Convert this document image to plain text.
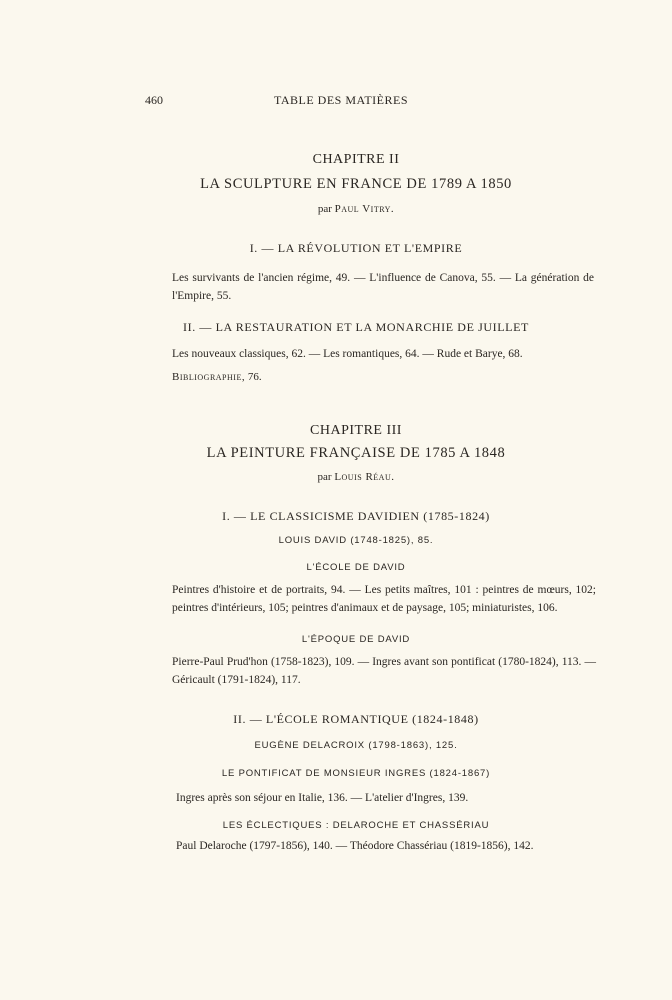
460	TABLE DES MATIÈRES
CHAPITRE II
LA SCULPTURE EN FRANCE DE 1789 A 1850
par Paul Vitry.
I. — LA RÉVOLUTION ET L'EMPIRE

Les survivants de l'ancien régime, 49. — L'influence de Canova, 55. — La génération de l'Empire, 55.

II. — LA RESTAURATION ET LA MONARCHIE DE JUILLET

Les nouveaux classiques, 62. — Les romantiques, 64. — Rude et Barye, 68.

Bibliographie, 76.
CHAPITRE III
LA PEINTURE FRANÇAISE DE 1785 A 1848
par Louis Réau.
I. — LE CLASSICISME DAVIDIEN (1785-1824)
LOUIS DAVID (1748-1825), 85.
L'ÉCOLE DE DAVID

Peintres d'histoire et de portraits, 94. — Les petits maîtres, 101 : peintres de mœurs, 102; peintres d'intérieurs, 105; peintres d'animaux et de paysage, 105; miniaturistes, 106.

L'ÉPOQUE DE DAVID

Pierre-Paul Prud'hon (1758-1823), 109. — Ingres avant son pontificat (1780-1824), 113. — Géricault (1791-1824), 117.

II. — L'ÉCOLE ROMANTIQUE (1824-1848)
EUGÈNE DELACROIX (1798-1863), 125.
LE PONTIFICAT DE MONSIEUR INGRES (1824-1867)

Ingres après son séjour en Italie, 136. — L'atelier d'Ingres, 139.

LES ÉCLECTIQUES : DELAROCHE ET CHASSÉRIAU

Paul Delaroche (1797-1856), 140. — Théodore Chassériau (1819-1856), 142.
